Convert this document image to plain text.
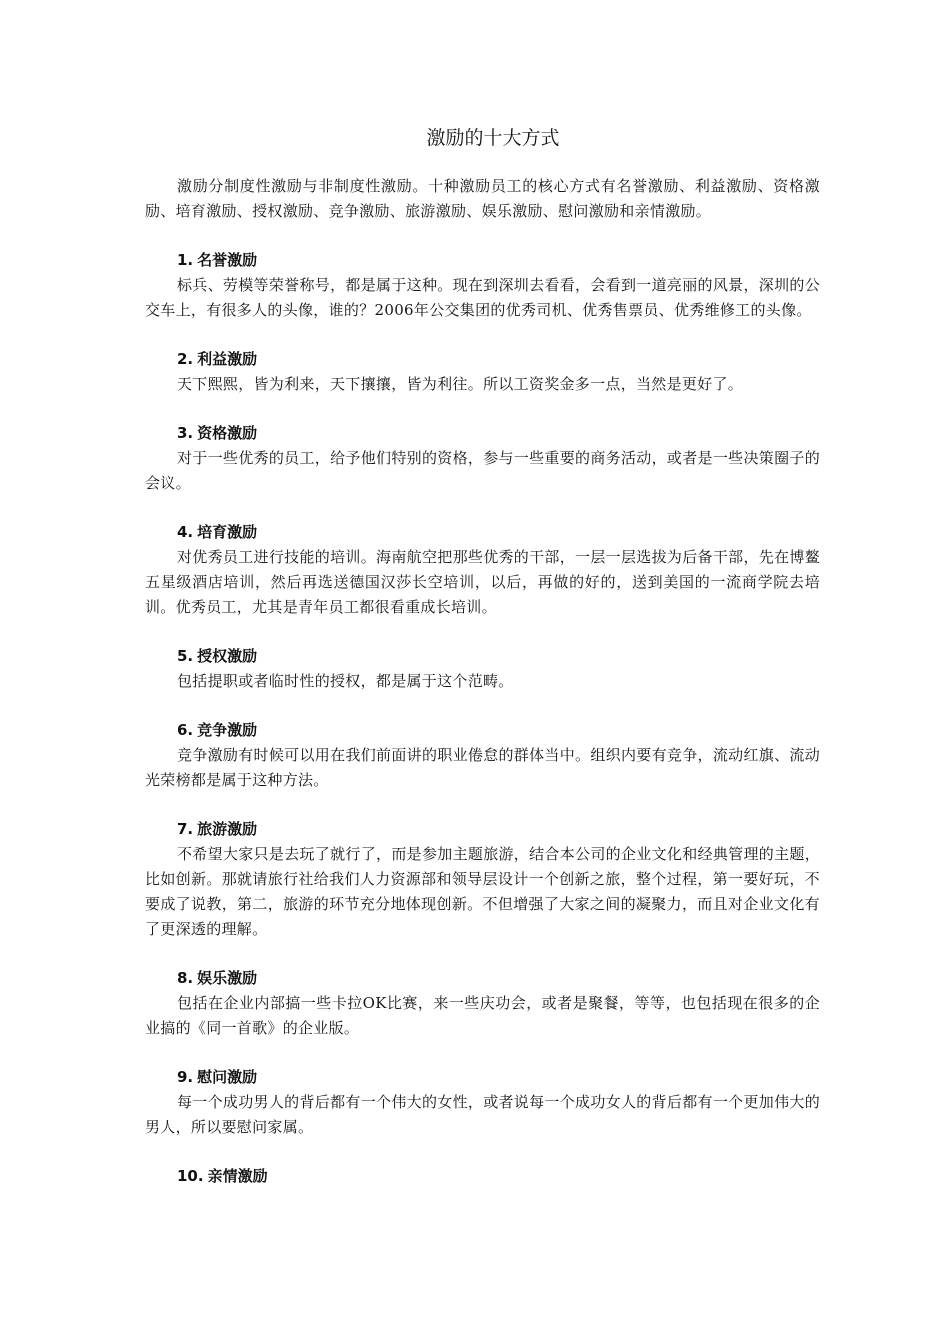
激励的十大方式

激励分制度性激励与非制度性激励。十种激励员工的核心方式有名誉激励、利益激励、资格激励、培育激励、授权激励、竞争激励、旅游激励、娱乐激励、慰问激励和亲情激励。

1. 名誉激励

标兵、劳模等荣誉称号，都是属于这种。现在到深圳去看看，会看到一道亮丽的风景，深圳的公交车上，有很多人的头像，谁的？2006年公交集团的优秀司机、优秀售票员、优秀维修工的头像。

2. 利益激励

天下熙熙，皆为利来，天下攘攘，皆为利往。所以工资奖金多一点，当然是更好了。

3. 资格激励

对于一些优秀的员工，给予他们特别的资格，参与一些重要的商务活动，或者是一些决策圈子的会议。

4. 培育激励

对优秀员工进行技能的培训。海南航空把那些优秀的干部，一层一层选拔为后备干部，先在博鳌五星级酒店培训，然后再选送德国汉莎长空培训，以后，再做的好的，送到美国的一流商学院去培训。优秀员工，尤其是青年员工都很看重成长培训。

5. 授权激励

包括提职或者临时性的授权，都是属于这个范畴。

6. 竞争激励

竞争激励有时候可以用在我们前面讲的职业倦怠的群体当中。组织内要有竞争，流动红旗、流动光荣榜都是属于这种方法。

7. 旅游激励

不希望大家只是去玩了就行了，而是参加主题旅游，结合本公司的企业文化和经典管理的主题，比如创新。那就请旅行社给我们人力资源部和领导层设计一个创新之旅，整个过程，第一要好玩，不要成了说教，第二，旅游的环节充分地体现创新。不但增强了大家之间的凝聚力，而且对企业文化有了更深透的理解。

8. 娱乐激励

包括在企业内部搞一些卡拉OK比赛，来一些庆功会，或者是聚餐，等等，也包括现在很多的企业搞的《同一首歌》的企业版。

9. 慰问激励

每一个成功男人的背后都有一个伟大的女性，或者说每一个成功女人的背后都有一个更加伟大的男人，所以要慰问家属。

10. 亲情激励
